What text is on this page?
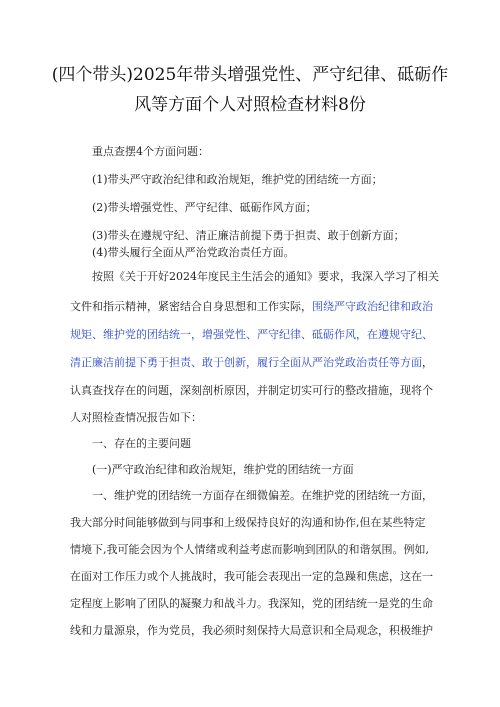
(四个带头)2025年带头增强党性、严守纪律、砥砺作
风等方面个人对照检查材料8份
重点查摆4个方面问题：
(1)带头严守政治纪律和政治规矩，维护党的团结统一方面；
(2)带头增强党性、严守纪律、砥砺作风方面；
(3)带头在遵规守纪、清正廉洁前提下勇于担责、敢于创新方面；
(4)带头履行全面从严治党政治责任方面。
按照《关于开好2024年度民主生活会的通知》要求，我深入学习了相关
文件和指示精神，紧密结合自身思想和工作实际，围绕严守政治纪律和政治
规矩、维护党的团结统一，增强党性、严守纪律、砥砺作风，在遵规守纪、
清正廉洁前提下勇于担责、敢于创新，履行全面从严治党政治责任等方面，
认真查找存在的问题，深刻剖析原因，并制定切实可行的整改措施，现将个
人对照检查情况报告如下：
一、存在的主要问题
(一)严守政治纪律和政治规矩，维护党的团结统一方面
一、维护党的团结统一方面存在细微偏差。在维护党的团结统一方面，
我大部分时间能够做到与同事和上级保持良好的沟通和协作,但在某些特定
情境下,我可能会因为个人情绪或利益考虑而影响到团队的和谐氛围。例如,
在面对工作压力或个人挑战时，我可能会表现出一定的急躁和焦虑，这在一
定程度上影响了团队的凝聚力和战斗力。我深知，党的团结统一是党的生命
线和力量源泉，作为党员，我必须时刻保持大局意识和全局观念，积极维护
